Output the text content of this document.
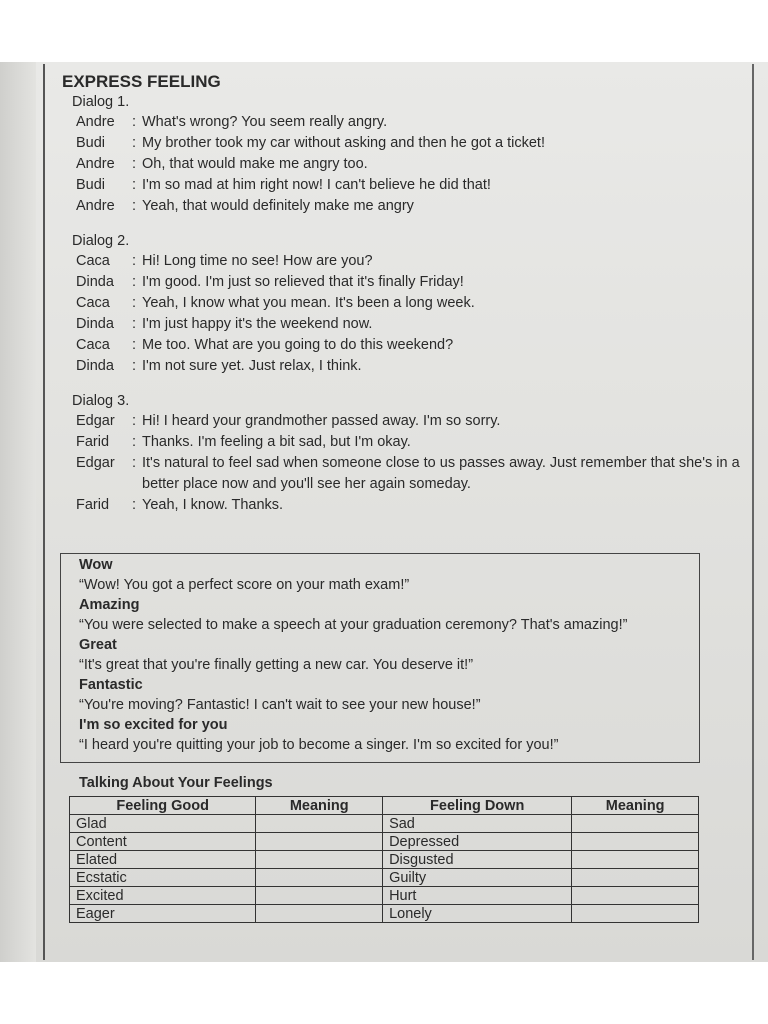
EXPRESS FEELING
Dialog 1.
Andre	: What's wrong? You seem really angry.
Budi	: My brother took my car without asking and then he got a ticket!
Andre	: Oh, that would make me angry too.
Budi	: I'm so mad at him right now! I can't believe he did that!
Andre	: Yeah, that would definitely make me angry
Dialog 2.
Caca	: Hi! Long time no see! How are you?
Dinda	: I'm good. I'm just so relieved that it's finally Friday!
Caca	: Yeah, I know what you mean. It's been a long week.
Dinda	: I'm just happy it's the weekend now.
Caca	: Me too. What are you going to do this weekend?
Dinda	: I'm not sure yet. Just relax, I think.
Dialog 3.
Edgar	: Hi! I heard your grandmother passed away. I'm so sorry.
Farid	: Thanks. I'm feeling a bit sad, but I'm okay.
Edgar	: It's natural to feel sad when someone close to us passes away. Just remember that she's in a better place now and you'll see her again someday.
Farid	: Yeah, I know. Thanks.
Wow
“Wow! You got a perfect score on your math exam!”
Amazing
“You were selected to make a speech at your graduation ceremony? That's amazing!”
Great
“It's great that you're finally getting a new car. You deserve it!”
Fantastic
“You're moving? Fantastic! I can't wait to see your new house!”
I'm so excited for you
“I heard you're quitting your job to become a singer. I'm so excited for you!”
Talking About Your Feelings
Feeling Good	Meaning	Feeling Down	Meaning
Glad		Sad	
Content		Depressed	
Elated		Disgusted	
Ecstatic		Guilty	
Excited		Hurt	
Eager		Lonely	
